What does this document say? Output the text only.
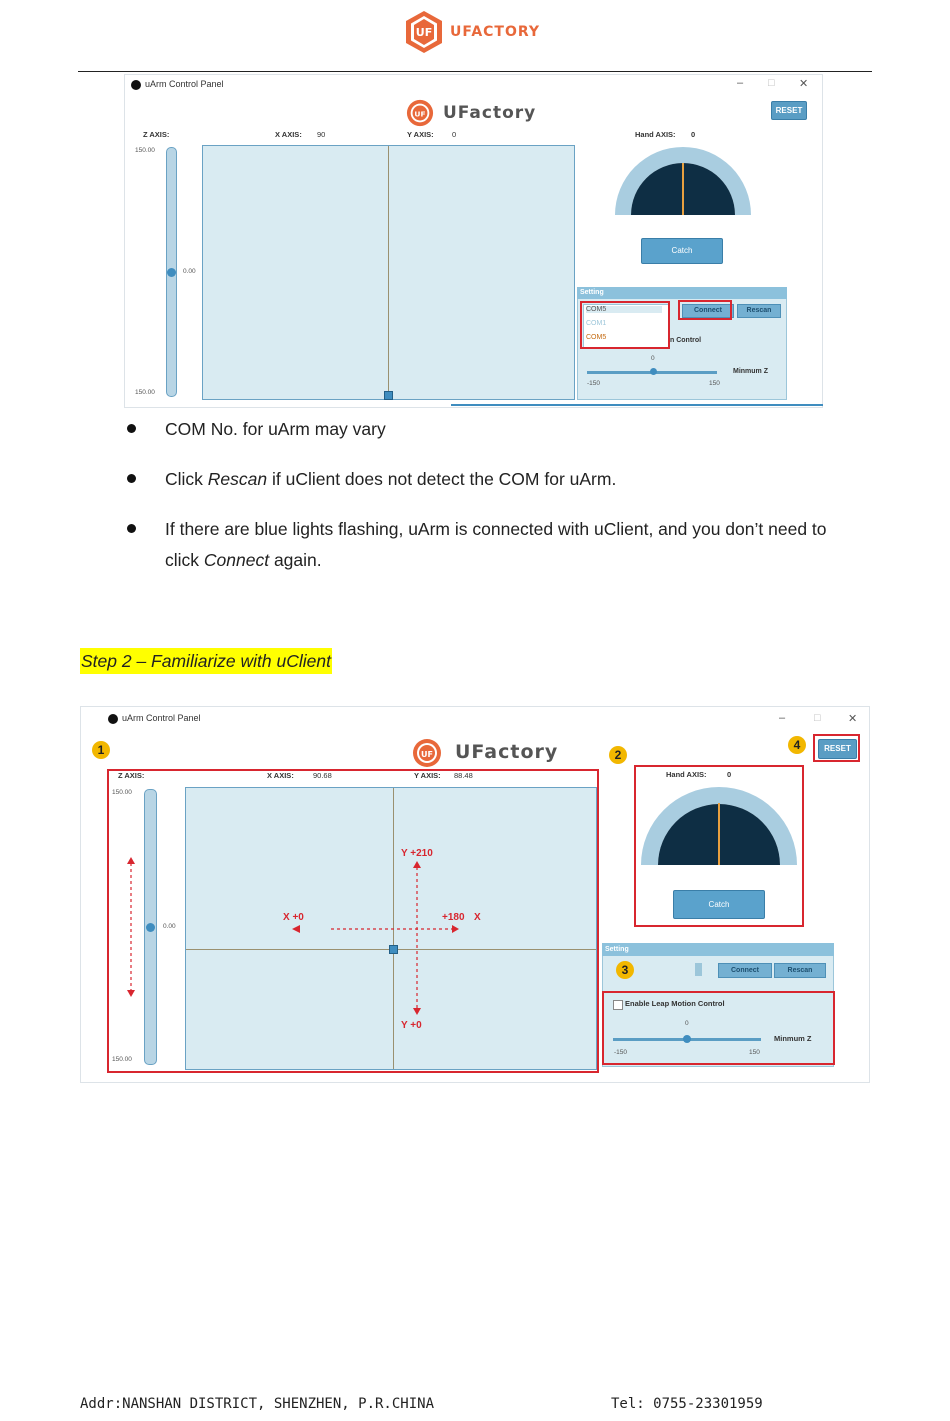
UF UFACTORY
uArm Control Panel	– □ ✕
UF UFactory	RESET
Z AXIS:	X AXIS: 90	Y AXIS: 0	Hand AXIS: 0
150.00
0.00
150.00
Catch
Setting
COM5
COM1
COM5
Connect	Rescan
n Control
0
-150	150
Minmum Z
COM No. for uArm may vary
Click Rescan if uClient does not detect the COM for uArm.
If there are blue lights flashing, uArm is connected with uClient, and you don’t need to
click Connect again.
Step 2 – Familiarize with uClient
uArm Control Panel	–	□ ✕
1	2
4
UF UFactory	RESET
Z AXIS:	X AXIS:	90.68	Y AXIS: 88.48
150.00
0.00
150.00
Y +210
Y +0
X +0	+180 X
Hand AXIS:	0
Catch
Setting
3	Connect	Rescan
Enable Leap Motion Control
0
-150	150
Minmum Z
Addr:NANSHAN DISTRICT, SHENZHEN, P.R.CHINA	Tel: 0755-23301959
